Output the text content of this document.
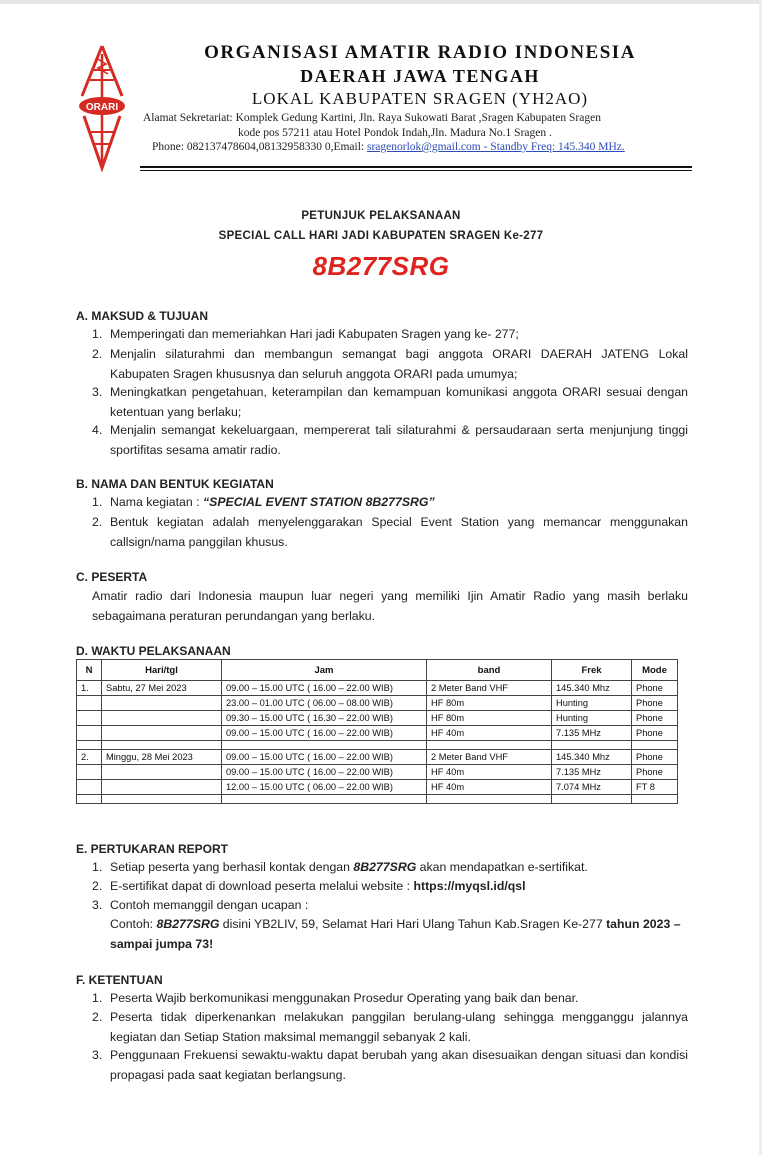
ORARI
ORGANISASI AMATIR RADIO INDONESIA
DAERAH JAWA TENGAH
LOKAL KABUPATEN SRAGEN (YH2AO)
Alamat Sekretariat: Komplek Gedung Kartini, Jln. Raya Sukowati Barat ,Sragen Kabupaten Sragen
kode pos 57211 atau Hotel Pondok Indah,Jln. Madura No.1 Sragen .
Phone: 082137478604,08132958330 0,Email: sragenorlok@gmail.com - Standby Freq: 145.340 MHz.
PETUNJUK PELAKSANAAN
SPECIAL CALL HARI JADI KABUPATEN SRAGEN Ke-277
8B277SRG
A. MAKSUD & TUJUAN
1. Memperingati dan memeriahkan Hari jadi Kabupaten Sragen yang ke- 277;
2. Menjalin silaturahmi dan membangun semangat bagi anggota ORARI DAERAH JATENG Lokal Kabupaten Sragen khususnya dan seluruh anggota ORARI pada umumya;
3. Meningkatkan pengetahuan, keterampilan dan kemampuan komunikasi anggota ORARI sesuai dengan ketentuan yang berlaku;
4. Menjalin semangat kekeluargaan, mempererat tali silaturahmi & persaudaraan serta menjunjung tinggi sportifitas sesama amatir radio.
B. NAMA DAN BENTUK KEGIATAN
1. Nama kegiatan : “SPECIAL EVENT STATION 8B277SRG”
2. Bentuk kegiatan adalah menyelenggarakan Special Event Station yang memancar menggunakan callsign/nama panggilan khusus.
C. PESERTA
Amatir radio dari Indonesia maupun luar negeri yang memiliki Ijin Amatir Radio yang masih berlaku sebagaimana peraturan perundangan yang berlaku.
D. WAKTU PELAKSANAAN
N	Hari/tgl	Jam	band	Frek	Mode
1.	Sabtu, 27 Mei 2023	09.00 – 15.00 UTC ( 16.00 – 22.00 WIB)	2 Meter Band VHF	145.340 Mhz	Phone
		23.00 – 01.00 UTC ( 06.00 – 08.00 WIB)	HF 80m	Hunting	Phone
		09.30 – 15.00 UTC ( 16.30 – 22.00 WIB)	HF 80m	Hunting	Phone
		09.00 – 15.00 UTC ( 16.00 – 22.00 WIB)	HF 40m	7.135 MHz	Phone

2.	Minggu, 28 Mei 2023	09.00 – 15.00 UTC ( 16.00 – 22.00 WIB)	2 Meter Band VHF	145.340 Mhz	Phone
		09.00 – 15.00 UTC ( 16.00 – 22.00 WIB)	HF 40m	7.135 MHz	Phone
		12.00 – 15.00 UTC ( 06.00 – 22.00 WIB)	HF 40m	7.074 MHz	FT 8

E. PERTUKARAN REPORT
1. Setiap peserta yang berhasil kontak dengan 8B277SRG akan mendapatkan e-sertifikat.
2. E-sertifikat dapat di download peserta melalui website : https://myqsl.id/qsl
3. Contoh memanggil dengan ucapan :
Contoh: 8B277SRG disini YB2LIV, 59, Selamat Hari Hari Ulang Tahun Kab.Sragen Ke-277 tahun 2023 – sampai jumpa 73!
F. KETENTUAN
1. Peserta Wajib berkomunikasi menggunakan Prosedur Operating yang baik dan benar.
2. Peserta tidak diperkenankan melakukan panggilan berulang-ulang sehingga mengganggu jalannya kegiatan dan Setiap Station maksimal memanggil sebanyak 2 kali.
3. Penggunaan Frekuensi sewaktu-waktu dapat berubah yang akan disesuaikan dengan situasi dan kondisi propagasi pada saat kegiatan berlangsung.
